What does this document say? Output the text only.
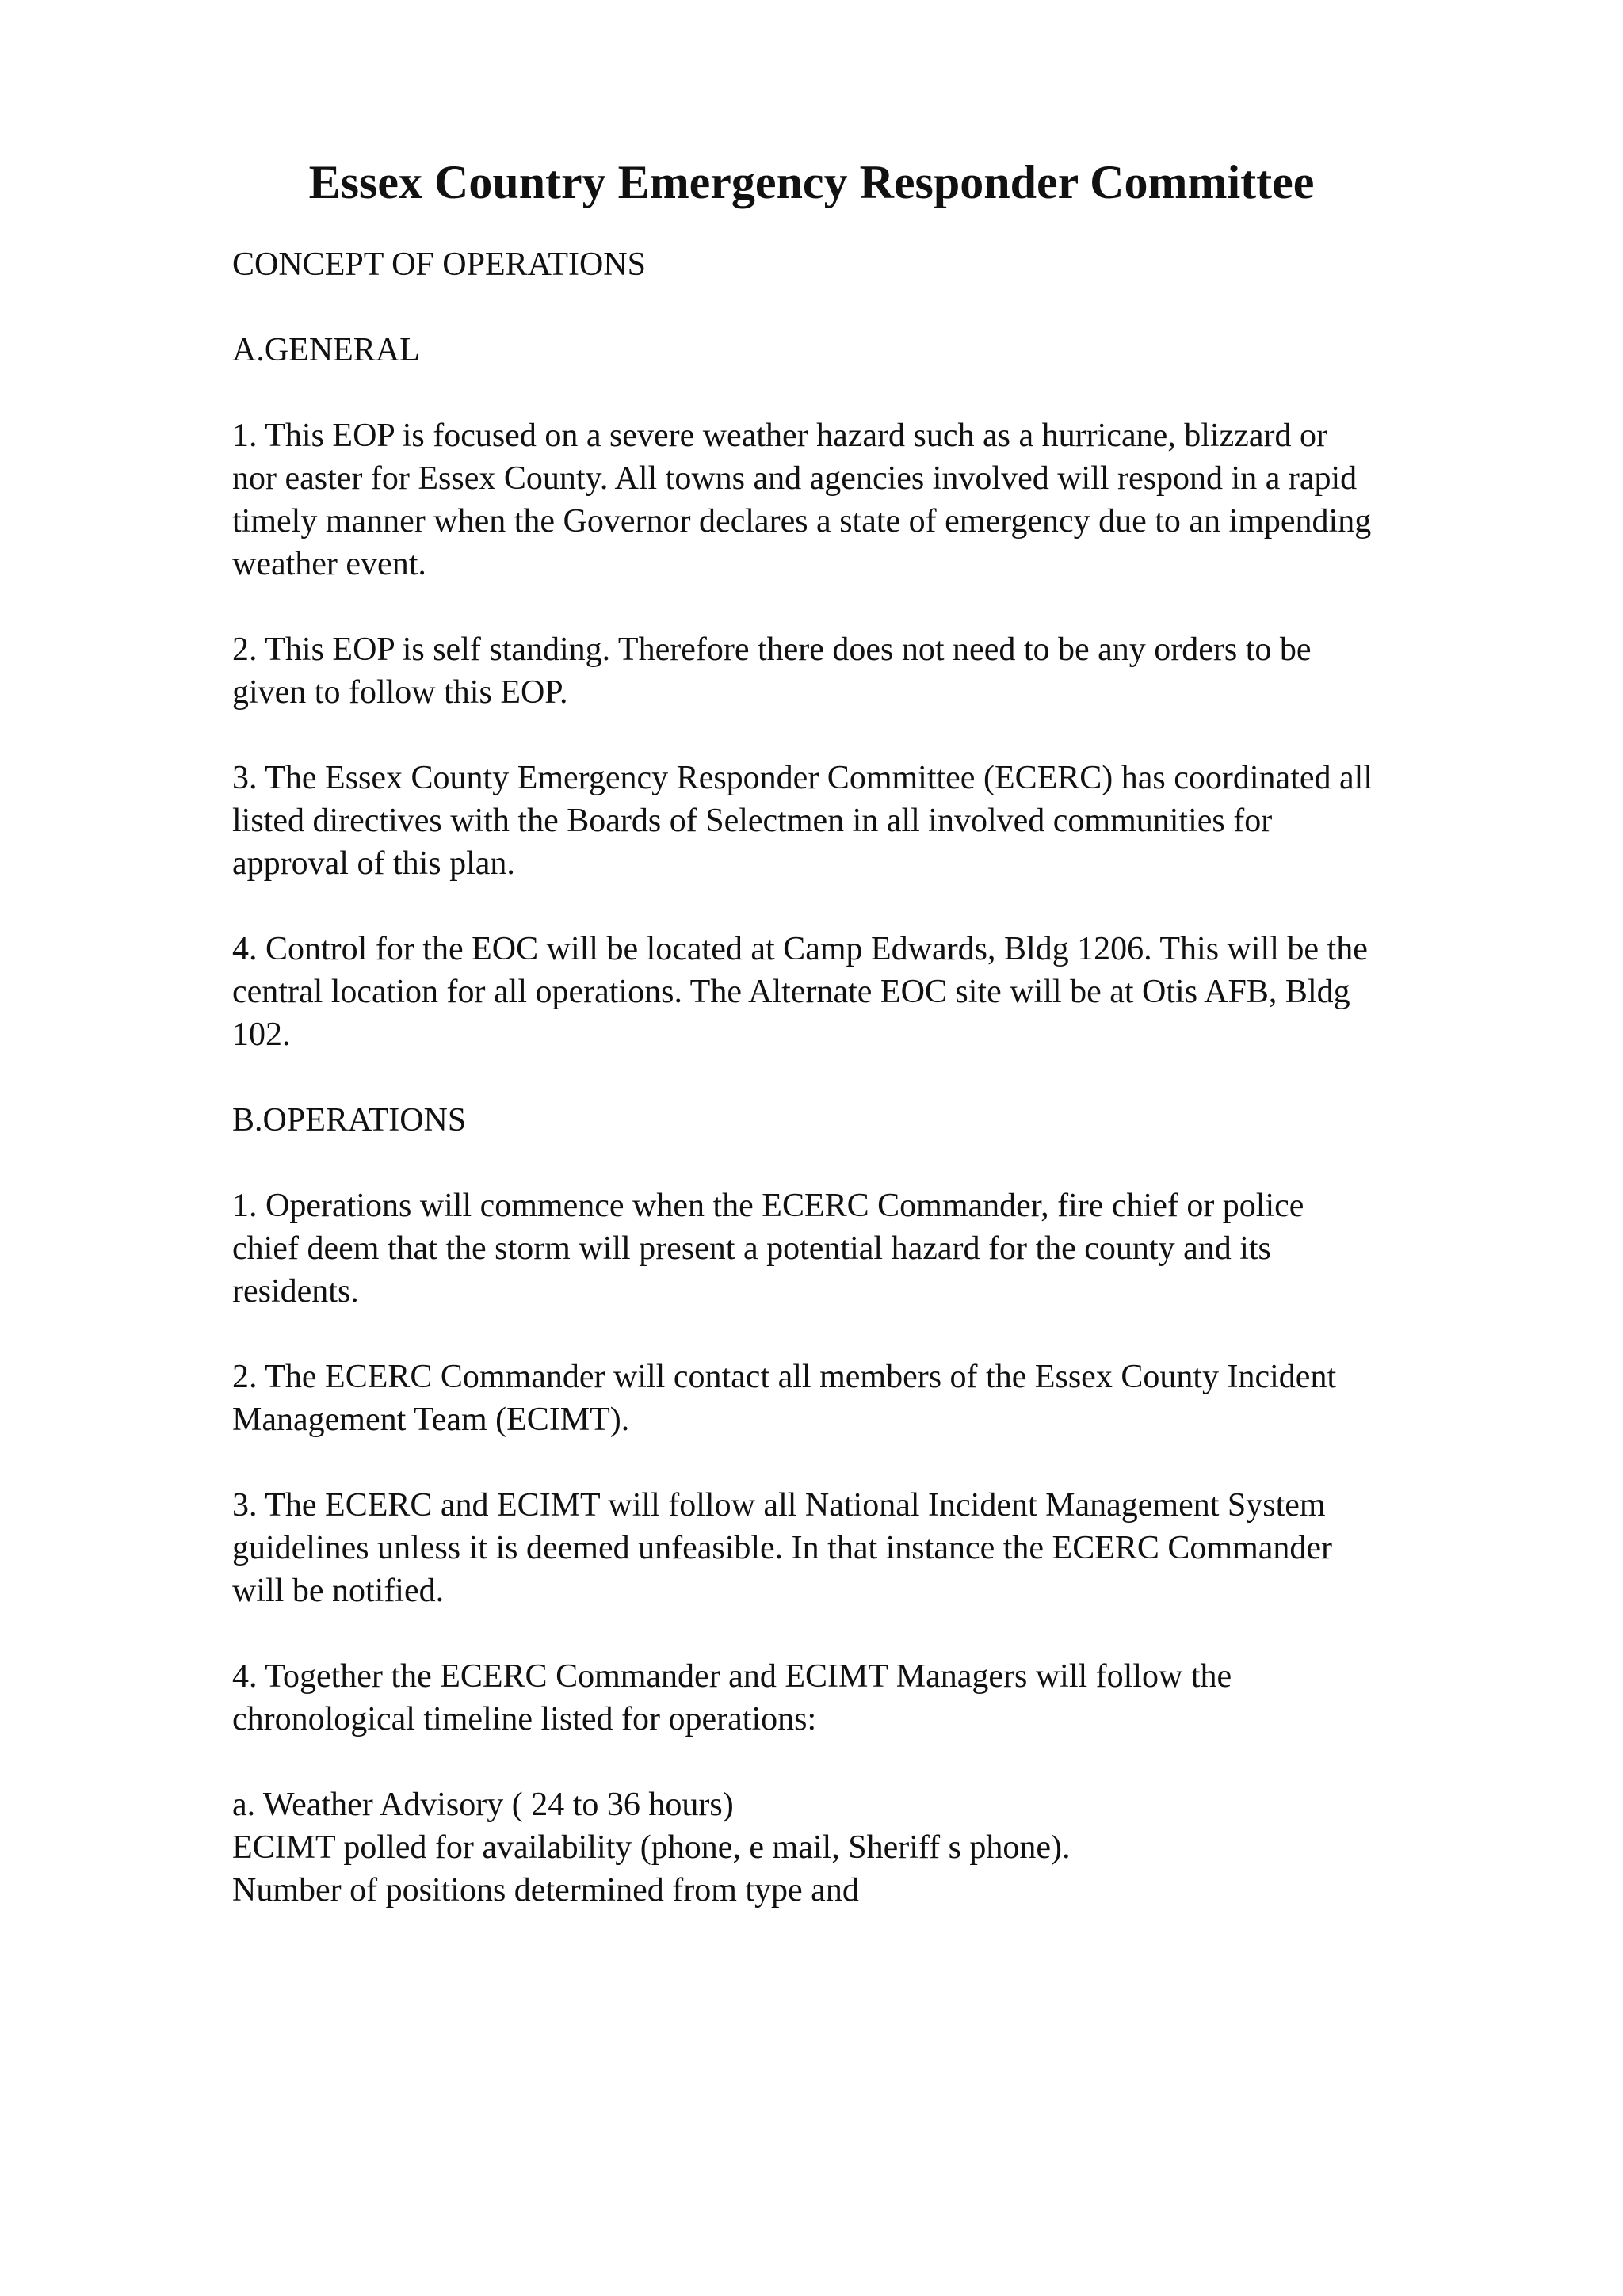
Essex Country Emergency Responder Committee

CONCEPT OF OPERATIONS

A.GENERAL

1. This EOP is focused on a severe weather hazard such as a hurricane, blizzard or
nor easter for Essex County. All towns and agencies involved will respond in a rapid
timely manner when the Governor declares a state of emergency due to an impending
weather event.

2. This EOP is self standing. Therefore there does not need to be any orders to be
given to follow this EOP.

3. The Essex County Emergency Responder Committee (ECERC) has coordinated all
listed directives with the Boards of Selectmen in all involved communities for
approval of this plan.

4. Control for the EOC will be located at Camp Edwards, Bldg 1206. This will be the
central location for all operations. The Alternate EOC site will be at Otis AFB, Bldg
102.

B.OPERATIONS

1. Operations will commence when the ECERC Commander, fire chief or police
chief deem that the storm will present a potential hazard for the county and its
residents.

2. The ECERC Commander will contact all members of the Essex County Incident
Management Team (ECIMT).

3. The ECERC and ECIMT will follow all National Incident Management System
guidelines unless it is deemed unfeasible. In that instance the ECERC Commander
will be notified.

4. Together the ECERC Commander and ECIMT Managers will follow the
chronological timeline listed for operations:

a. Weather Advisory ( 24 to 36 hours)
ECIMT polled for availability (phone, e mail, Sheriff s phone).
Number of positions determined from type and
